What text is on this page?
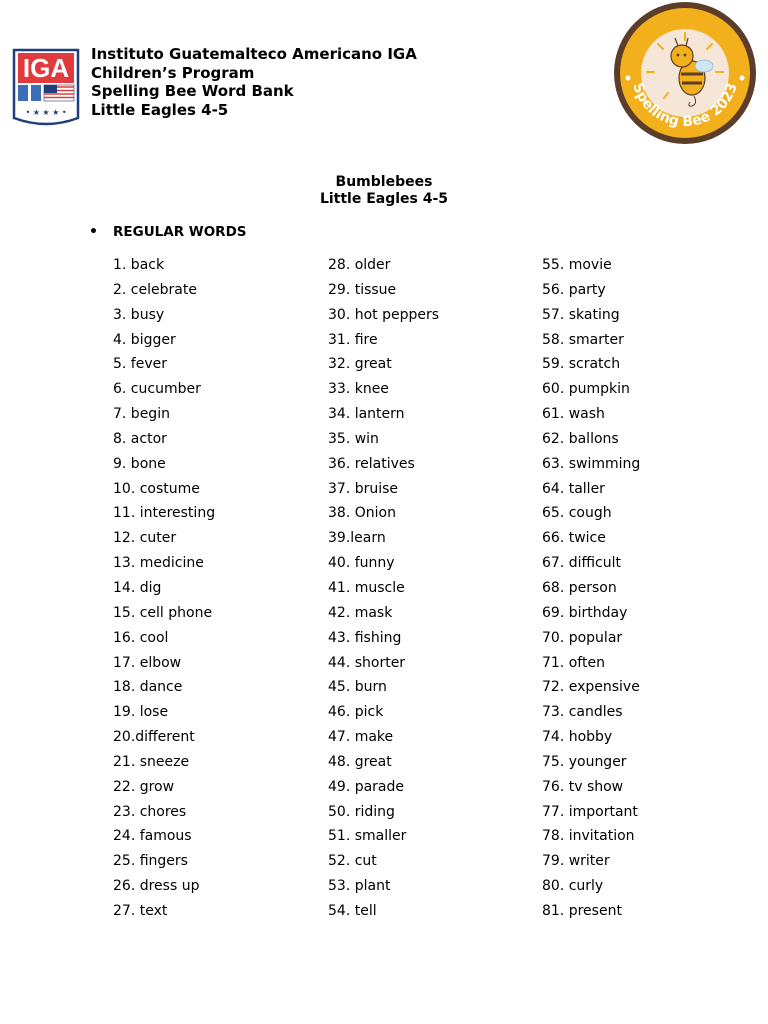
IGA
• ★ ★ ★ •
Instituto Guatemalteco Americano IGA
Children’s Program
Spelling Bee Word Bank
Little Eagles 4-5
Spelling Bee 2023
Bumblebees
Little Eagles 4-5
•	REGULAR WORDS
1. back
2. celebrate
3. busy
4. bigger
5. fever
6. cucumber
7. begin
8. actor
9. bone
10. costume
11. interesting
12. cuter
13. medicine
14. dig
15. cell phone
16. cool
17. elbow
18. dance
19. lose
20.different
21. sneeze
22. grow
23. chores
24. famous
25. fingers
26. dress up
27. text
28. older
29. tissue
30. hot peppers
31. fire
32. great
33. knee
34. lantern
35. win
36. relatives
37. bruise
38. Onion
39.learn
40. funny
41. muscle
42. mask
43. fishing
44. shorter
45. burn
46. pick
47. make
48. great
49. parade
50. riding
51. smaller
52. cut
53. plant
54. tell
55. movie
56. party
57. skating
58. smarter
59. scratch
60. pumpkin
61. wash
62. ballons
63. swimming
64. taller
65. cough
66. twice
67. difficult
68. person
69. birthday
70. popular
71. often
72. expensive
73. candles
74. hobby
75. younger
76. tv show
77. important
78. invitation
79. writer
80. curly
81. present
